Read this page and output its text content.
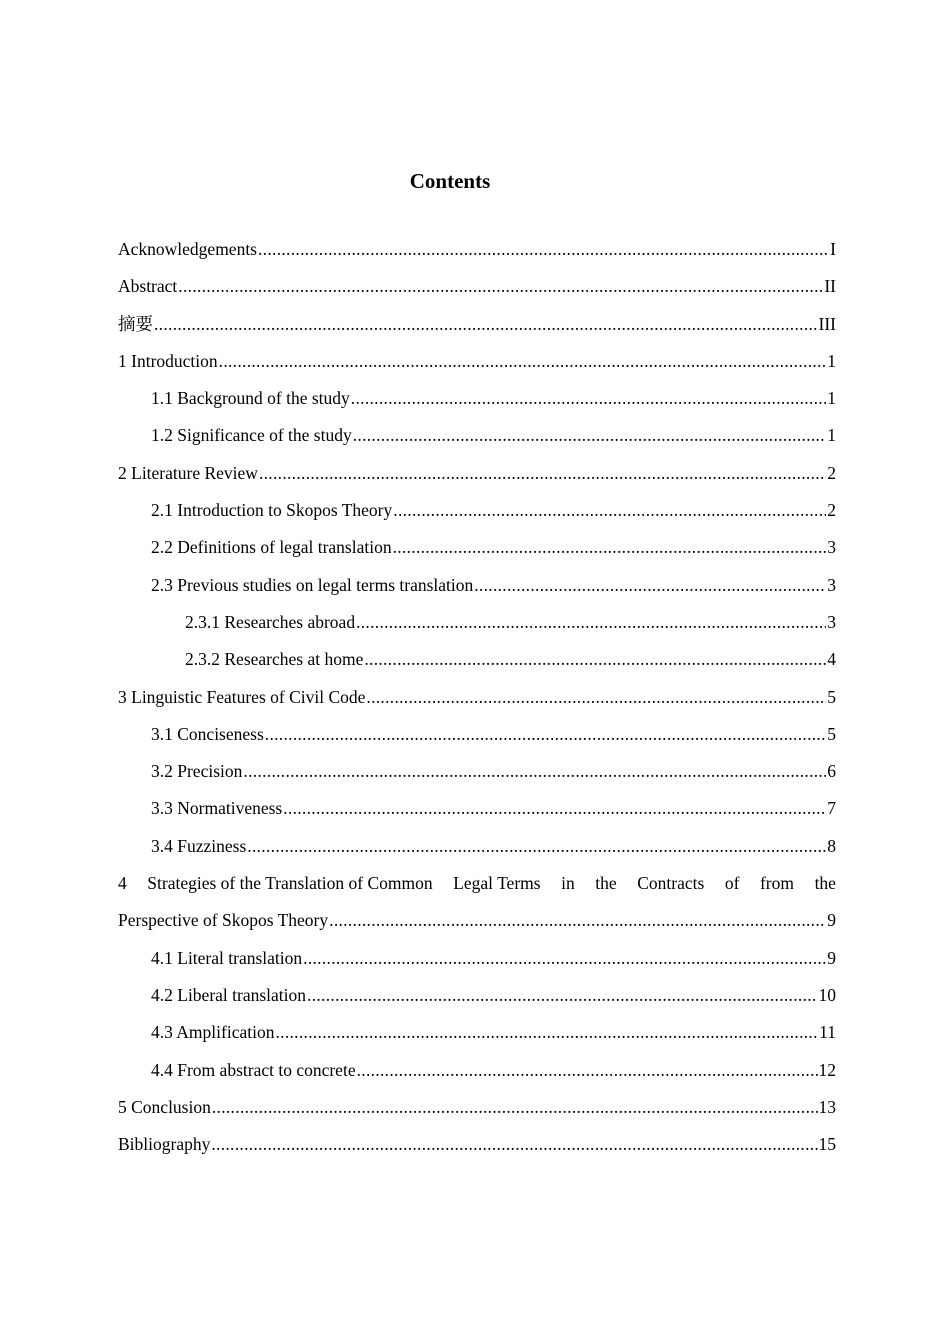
Contents
Acknowledgements .....	I
Abstract .....	II
摘要 .....	III
1 Introduction .....	1
1.1 Background of the study .....	1
1.2 Significance of the study .....	1
2 Literature Review .....	2
2.1 Introduction to Skopos Theory .....	2
2.2 Definitions of legal translation .....	3
2.3 Previous studies on legal terms translation .....	3
2.3.1 Researches abroad .....	3
2.3.2 Researches at home .....	4
3 Linguistic Features of Civil Code .....	5
3.1 Conciseness .....	5
3.2 Precision .....	6
3.3 Normativeness .....	7
3.4 Fuzziness .....	8
4 Strategies of the Translation of Common Legal Terms in the Contracts of from the
Perspective of Skopos Theory .....	9
4.1 Literal translation .....	9
4.2 Liberal translation .....	10
4.3 Amplification .....	11
4.4 From abstract to concrete .....	12
5 Conclusion .....	13
Bibliography .....	15
